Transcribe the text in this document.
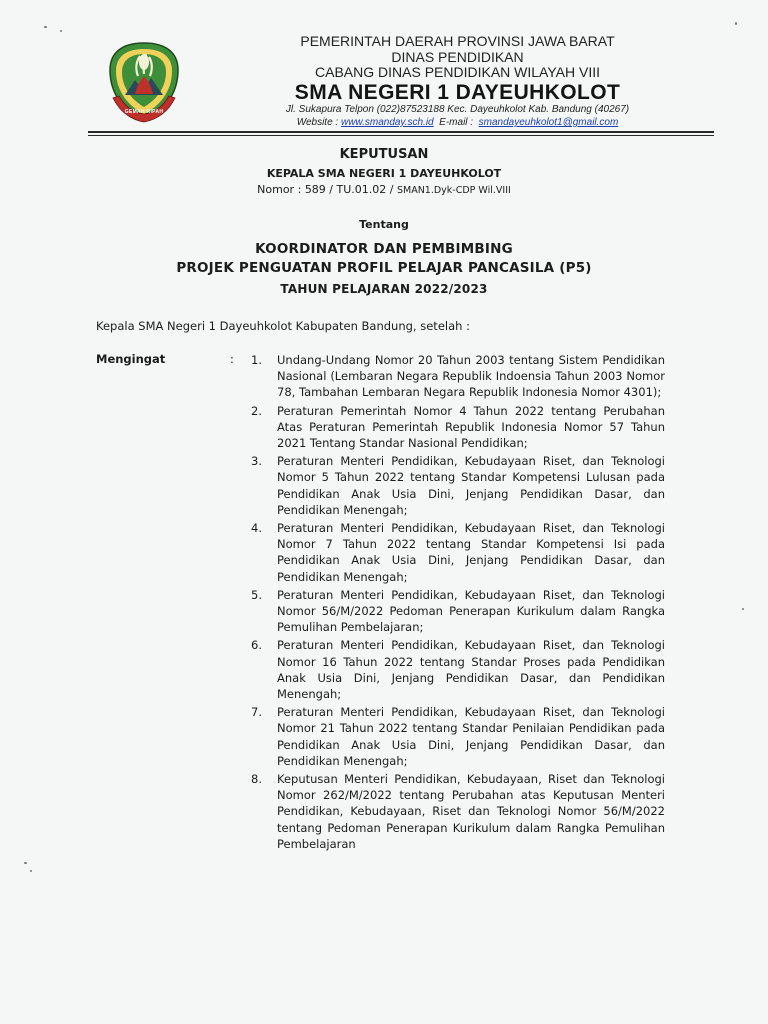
GEMAH RIPAH
PEMERINTAH DAERAH PROVINSI JAWA BARAT
DINAS PENDIDIKAN
CABANG DINAS PENDIDIKAN WILAYAH VIII
SMA NEGERI 1 DAYEUHKOLOT
Jl. Sukapura Telpon (022)87523188 Kec. Dayeuhkolot Kab. Bandung (40267)
Website : www.smanday.sch.id E-mail : smandayeuhkolot1@gmail.com
KEPUTUSAN
KEPALA SMA NEGERI 1 DAYEUHKOLOT
Nomor : 589 / TU.01.02 / SMAN1.Dyk-CDP Wil.VIII
Tentang
KOORDINATOR DAN PEMBIMBING
PROJEK PENGUATAN PROFIL PELAJAR PANCASILA (P5)
TAHUN PELAJARAN 2022/2023
Kepala SMA Negeri 1 Dayeuhkolot Kabupaten Bandung, setelah :
Mengingat	:	1.	Undang-Undang Nomor 20 Tahun 2003 tentang Sistem Pendidikan Nasional (Lembaran Negara Republik Indoensia Tahun 2003 Nomor 78, Tambahan Lembaran Negara Republik Indonesia Nomor 4301);
2.	Peraturan Pemerintah Nomor 4 Tahun 2022 tentang Perubahan Atas Peraturan Pemerintah Republik Indonesia Nomor 57 Tahun 2021 Tentang Standar Nasional Pendidikan;
3.	Peraturan Menteri Pendidikan, Kebudayaan Riset, dan Teknologi Nomor 5 Tahun 2022 tentang Standar Kompetensi Lulusan pada Pendidikan Anak Usia Dini, Jenjang Pendidikan Dasar, dan Pendidikan Menengah;
4.	Peraturan Menteri Pendidikan, Kebudayaan Riset, dan Teknologi Nomor 7 Tahun 2022 tentang Standar Kompetensi Isi pada Pendidikan Anak Usia Dini, Jenjang Pendidikan Dasar, dan Pendidikan Menengah;
5.	Peraturan Menteri Pendidikan, Kebudayaan Riset, dan Teknologi Nomor 56/M/2022 Pedoman Penerapan Kurikulum dalam Rangka Pemulihan Pembelajaran;
6.	Peraturan Menteri Pendidikan, Kebudayaan Riset, dan Teknologi Nomor 16 Tahun 2022 tentang Standar Proses pada Pendidikan Anak Usia Dini, Jenjang Pendidikan Dasar, dan Pendidikan Menengah;
7.	Peraturan Menteri Pendidikan, Kebudayaan Riset, dan Teknologi Nomor 21 Tahun 2022 tentang Standar Penilaian Pendidikan pada Pendidikan Anak Usia Dini, Jenjang Pendidikan Dasar, dan Pendidikan Menengah;
8.	Keputusan Menteri Pendidikan, Kebudayaan, Riset dan Teknologi Nomor 262/M/2022 tentang Perubahan atas Keputusan Menteri Pendidikan, Kebudayaan, Riset dan Teknologi Nomor 56/M/2022 tentang Pedoman Penerapan Kurikulum dalam Rangka Pemulihan Pembelajaran
